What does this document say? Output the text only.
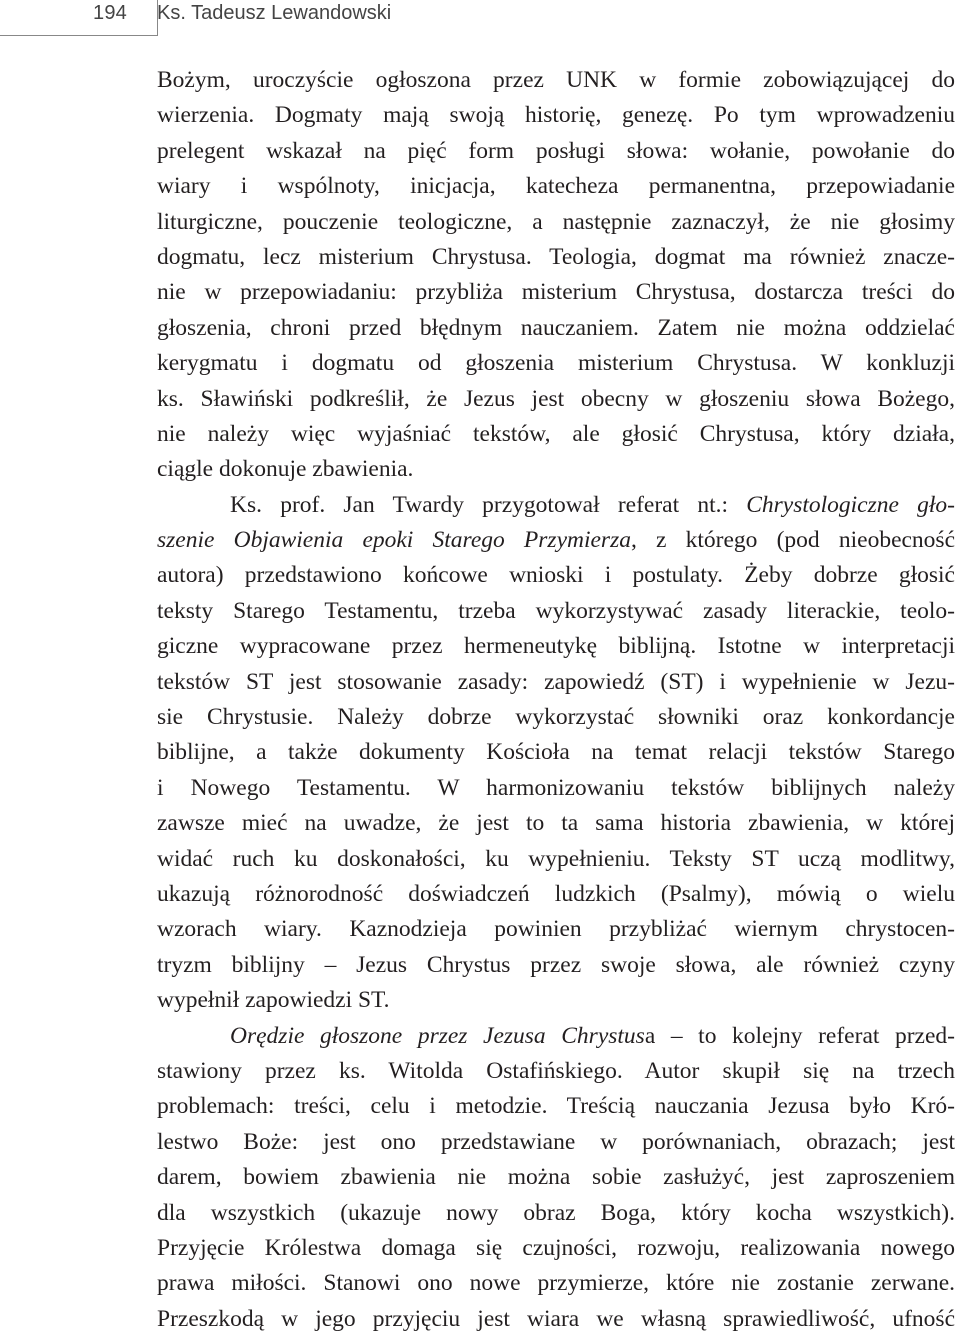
194 Ks. Tadeusz Lewandowski
Bożym, uroczyście ogłoszona przez UNK w formie zobowiązującej do
wierzenia. Dogmaty mają swoją historię, genezę. Po tym wprowadzeniu
prelegent wskazał na pięć form posługi słowa: wołanie, powołanie do
wiary i wspólnoty, inicjacja, katecheza permanentna, przepowiadanie
liturgiczne, pouczenie teologiczne, a następnie zaznaczył, że nie głosimy
dogmatu, lecz misterium Chrystusa. Teologia, dogmat ma również znacze-
nie w przepowiadaniu: przybliża misterium Chrystusa, dostarcza treści do
głoszenia, chroni przed błędnym nauczaniem. Zatem nie można oddzielać
kerygmatu i dogmatu od głoszenia misterium Chrystusa. W konkluzji
ks. Sławiński podkreślił, że Jezus jest obecny w głoszeniu słowa Bożego,
nie należy więc wyjaśniać tekstów, ale głosić Chrystusa, który działa,
ciągle dokonuje zbawienia.
Ks. prof. Jan Twardy przygotował referat nt.: Chrystologiczne gło-
szenie Objawienia epoki Starego Przymierza, z którego (pod nieobecność
autora) przedstawiono końcowe wnioski i postulaty. Żeby dobrze głosić
teksty Starego Testamentu, trzeba wykorzystywać zasady literackie, teolo-
giczne wypracowane przez hermeneutykę biblijną. Istotne w interpretacji
tekstów ST jest stosowanie zasady: zapowiedź (ST) i wypełnienie w Jezu-
sie Chrystusie. Należy dobrze wykorzystać słowniki oraz konkordancje
biblijne, a także dokumenty Kościoła na temat relacji tekstów Starego
i Nowego Testamentu. W harmonizowaniu tekstów biblijnych należy
zawsze mieć na uwadze, że jest to ta sama historia zbawienia, w której
widać ruch ku doskonałości, ku wypełnieniu. Teksty ST uczą modlitwy,
ukazują różnorodność doświadczeń ludzkich (Psalmy), mówią o wielu
wzorach wiary. Kaznodzieja powinien przybliżać wiernym chrystocen-
tryzm biblijny – Jezus Chrystus przez swoje słowa, ale również czyny
wypełnił zapowiedzi ST.
Orędzie głoszone przez Jezusa Chrystusa – to kolejny referat przed-
stawiony przez ks. Witolda Ostafińskiego. Autor skupił się na trzech
problemach: treści, celu i metodzie. Treścią nauczania Jezusa było Kró-
lestwo Boże: jest ono przedstawiane w porównaniach, obrazach; jest
darem, bowiem zbawienia nie można sobie zasłużyć, jest zaproszeniem
dla wszystkich (ukazuje nowy obraz Boga, który kocha wszystkich).
Przyjęcie Królestwa domaga się czujności, rozwoju, realizowania nowego
prawa miłości. Stanowi ono nowe przymierze, które nie zostanie zerwane.
Przeszkodą w jego przyjęciu jest wiara we własną sprawiedliwość, ufność
